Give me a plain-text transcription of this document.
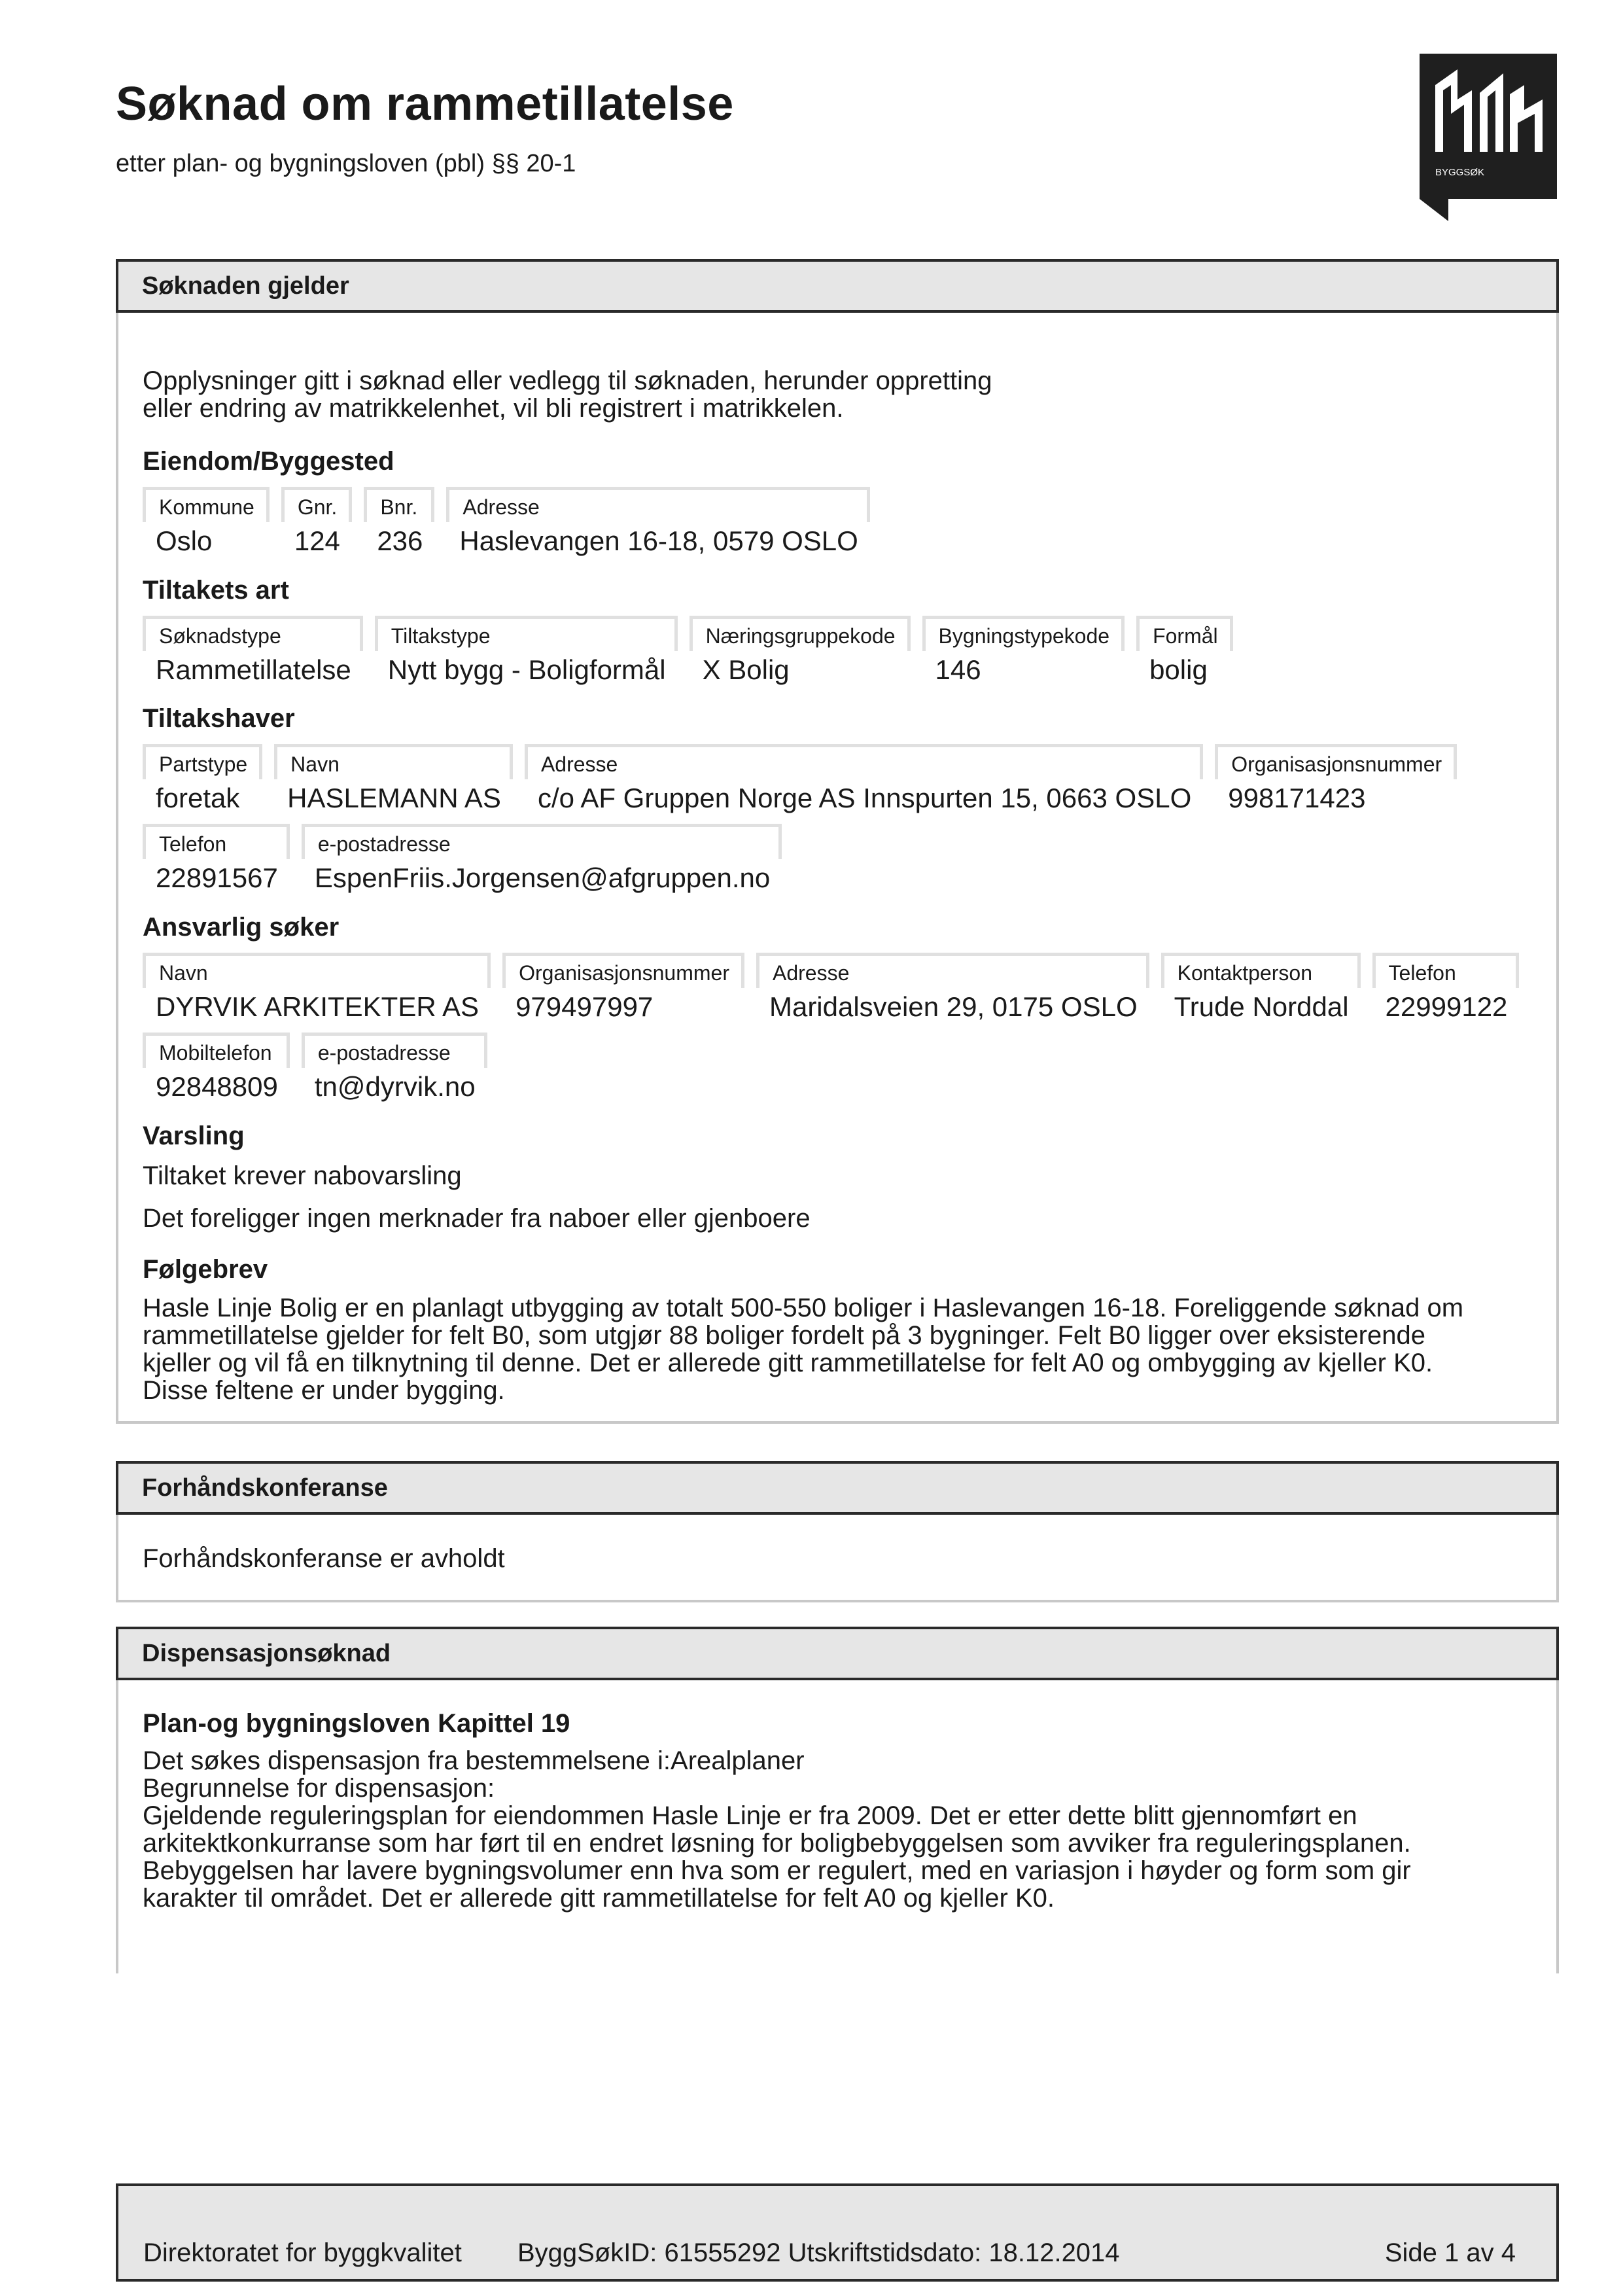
Søknad om rammetillatelse
etter plan- og bygningsloven (pbl) §§ 20-1	BYGGSØK
Søknaden gjelder
Opplysninger gitt i søknad eller vedlegg til søknaden, herunder oppretting
eller endring av matrikkelenhet, vil bli registrert i matrikkelen.
Eiendom/Byggested
Kommune
Oslo
Gnr.
124
Bnr.
236
Adresse
Haslevangen 16-18, 0579 OSLO
Tiltakets art
Søknadstype
Rammetillatelse
Tiltakstype
Nytt bygg - Boligformål
Næringsgruppekode
X Bolig
Bygningstypekode
146
Formål
bolig
Tiltakshaver
Partstype
foretak
Navn
HASLEMANN AS
Adresse
c/o AF Gruppen Norge AS Innspurten 15, 0663 OSLO
Organisasjonsnummer
998171423
Telefon
22891567
e-postadresse
EspenFriis.Jorgensen@afgruppen.no
Ansvarlig søker
Navn
DYRVIK ARKITEKTER AS
Organisasjonsnummer
979497997
Adresse
Maridalsveien 29, 0175 OSLO
Kontaktperson
Trude Norddal
Telefon
22999122
Mobiltelefon
92848809
e-postadresse
tn@dyrvik.no
Varsling
Tiltaket krever nabovarsling
Det foreligger ingen merknader fra naboer eller gjenboere
Følgebrev
Hasle Linje Bolig er en planlagt utbygging av totalt 500-550 boliger i Haslevangen 16-18. Foreliggende søknad om
rammetillatelse gjelder for felt B0, som utgjør 88 boliger fordelt på 3 bygninger. Felt B0 ligger over eksisterende
kjeller og vil få en tilknytning til denne. Det er allerede gitt rammetillatelse for felt A0 og ombygging av kjeller K0.
Disse feltene er under bygging.
Forhåndskonferanse
Forhåndskonferanse er avholdt
Dispensasjonsøknad
Plan-og bygningsloven Kapittel 19
Det søkes dispensasjon fra bestemmelsene i:Arealplaner
Begrunnelse for dispensasjon:
Gjeldende reguleringsplan for eiendommen Hasle Linje er fra 2009. Det er etter dette blitt gjennomført en
arkitektkonkurranse som har ført til en endret løsning for boligbebyggelsen som avviker fra reguleringsplanen.
Bebyggelsen har lavere bygningsvolumer enn hva som er regulert, med en variasjon i høyder og form som gir
karakter til området. Det er allerede gitt rammetillatelse for felt A0 og kjeller K0.
Direktoratet for byggkvalitet ByggSøkID: 61555292 Utskriftstidsdato: 18.12.2014	Side 1 av 4
